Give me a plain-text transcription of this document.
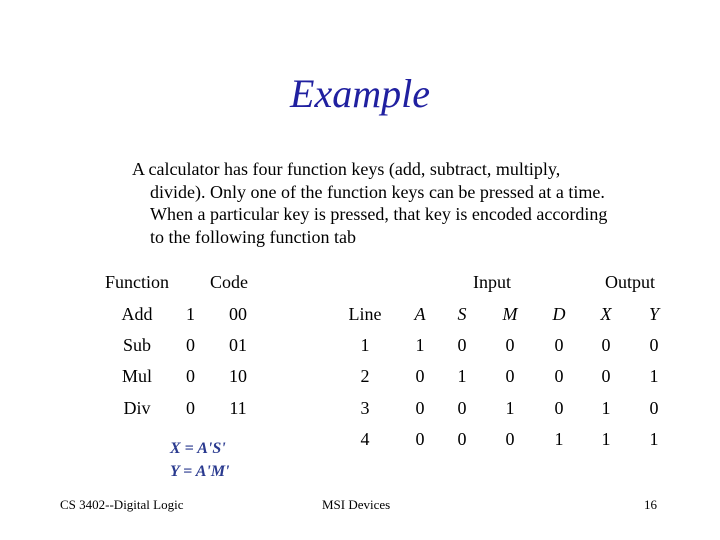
Example
A calculator has four function keys (add, subtract, multiply,
divide). Only one of the function keys can be pressed at a time.
When a particular key is pressed, that key is encoded according
to the following function tab
Function	Code
Add	1	00
Sub	0	01
Mul	0	10
Div	0	11
X = A'S'
Y = A'M'
Input	Output
Line	A	S	M	D	X	Y
1	1	0	0	0	0	0
2	0	1	0	0	0	1
3	0	0	1	0	1	0
4	0	0	0	1	1	1
CS 3402--Digital Logic	MSI Devices	16
